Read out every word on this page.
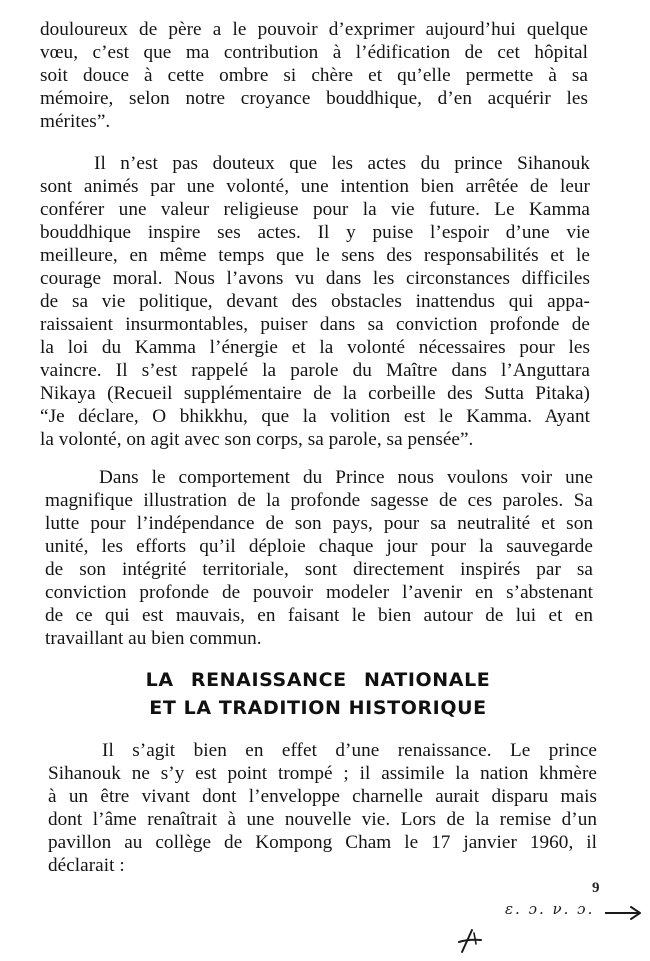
douloureux de père a le pouvoir d’exprimer aujourd’hui quelque
vœu, c’est que ma contribution à l’édification de cet hôpital
soit douce à cette ombre si chère et qu’elle permette à sa
mémoire, selon notre croyance bouddhique, d’en acquérir les
mérites”.
Il n’est pas douteux que les actes du prince Sihanouk
sont animés par une volonté, une intention bien arrêtée de leur
conférer une valeur religieuse pour la vie future. Le Kamma
bouddhique inspire ses actes. Il y puise l’espoir d’une vie
meilleure, en même temps que le sens des responsabilités et le
courage moral. Nous l’avons vu dans les circonstances difficiles
de sa vie politique, devant des obstacles inattendus qui appa-
raissaient insurmontables, puiser dans sa conviction profonde de
la loi du Kamma l’énergie et la volonté nécessaires pour les
vaincre. Il s’est rappelé la parole du Maître dans l’Anguttara
Nikaya (Recueil supplémentaire de la corbeille des Sutta Pitaka)
“Je déclare, O bhikkhu, que la volition est le Kamma. Ayant
la volonté, on agit avec son corps, sa parole, sa pensée”.
Dans le comportement du Prince nous voulons voir une
magnifique illustration de la profonde sagesse de ces paroles. Sa
lutte pour l’indépendance de son pays, pour sa neutralité et son
unité, les efforts qu’il déploie chaque jour pour la sauvegarde
de son intégrité territoriale, sont directement inspirés par sa
conviction profonde de pouvoir modeler l’avenir en s’abstenant
de ce qui est mauvais, en faisant le bien autour de lui et en
travaillant au bien commun.
LA RENAISSANCE NATIONALE
ET LA TRADITION HISTORIQUE
Il s’agit bien en effet d’une renaissance. Le prince
Sihanouk ne s’y est point trompé ; il assimile la nation khmère
à un être vivant dont l’enveloppe charnelle aurait disparu mais
dont l’âme renaîtrait à une nouvelle vie. Lors de la remise d’un
pavillon au collège de Kompong Cham le 17 janvier 1960, il
déclarait :
9
ɛ. ɔ. ν. ɔ.
